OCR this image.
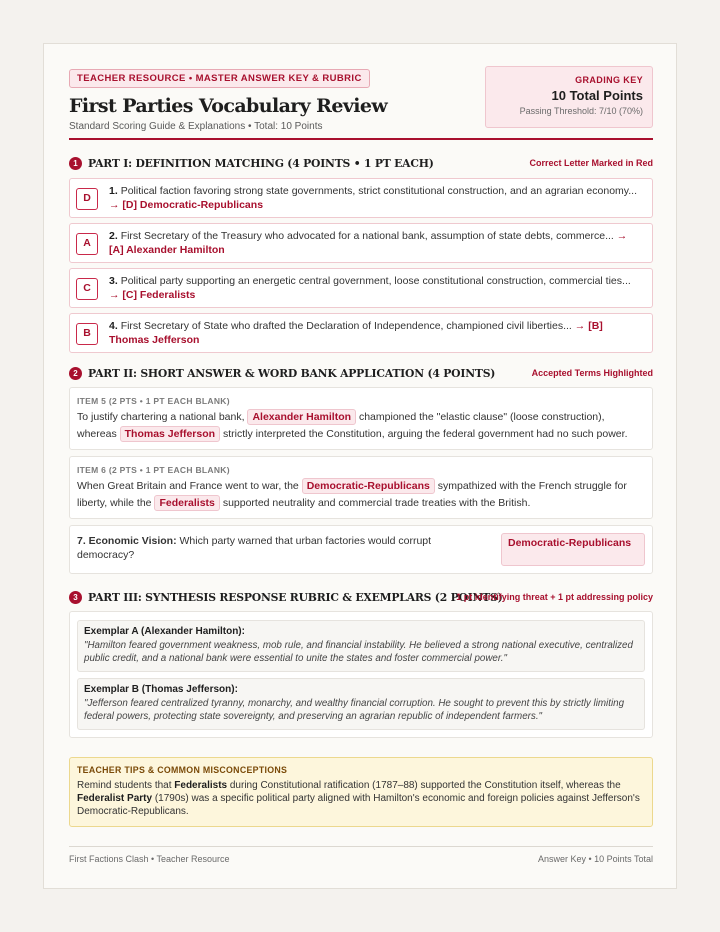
TEACHER RESOURCE • MASTER ANSWER KEY & RUBRIC
First Parties Vocabulary Review
Standard Scoring Guide & Explanations • Total: 10 Points
GRADING KEY
10 Total Points
Passing Threshold: 7/10 (70%)
1 PART I: DEFINITION MATCHING (4 POINTS • 1 PT EACH)	Correct Letter Marked in Red
D
1. Political faction favoring strong state governments, strict constitutional construction, and an agrarian economy... → [D] Democratic-Republicans
A
2. First Secretary of the Treasury who advocated for a national bank, assumption of state debts, commerce... → [A] Alexander Hamilton
C
3. Political party supporting an energetic central government, loose constitutional construction, commercial ties... → [C] Federalists
B
4. First Secretary of State who drafted the Declaration of Independence, championed civil liberties... → [B] Thomas Jefferson
2 PART II: SHORT ANSWER & WORD BANK APPLICATION (4 POINTS)	Accepted Terms Highlighted
ITEM 5 (2 PTS • 1 PT EACH BLANK)
To justify chartering a national bank, Alexander Hamilton championed the "elastic clause" (loose construction), whereas Thomas Jefferson strictly interpreted the Constitution, arguing the federal government had no such power.
ITEM 6 (2 PTS • 1 PT EACH BLANK)
When Great Britain and France went to war, the Democratic-Republicans sympathized with the French struggle for liberty, while the Federalists supported neutrality and commercial trade treaties with the British.
7. Economic Vision: Which party warned that urban factories would corrupt democracy?
Democratic-Republicans
3 PART III: SYNTHESIS RESPONSE RUBRIC & EXEMPLARS (2 POINTS)
1 pt identifying threat + 1 pt addressing policy
Exemplar A (Alexander Hamilton):
"Hamilton feared government weakness, mob rule, and financial instability. He believed a strong national executive, centralized public credit, and a national bank were essential to unite the states and foster commercial power."
Exemplar B (Thomas Jefferson):
"Jefferson feared centralized tyranny, monarchy, and wealthy financial corruption. He sought to prevent this by strictly limiting federal powers, protecting state sovereignty, and preserving an agrarian republic of independent farmers."
TEACHER TIPS & COMMON MISCONCEPTIONS
Remind students that Federalists during Constitutional ratification (1787–88) supported the Constitution itself, whereas the Federalist Party (1790s) was a specific political party aligned with Hamilton's economic and foreign policies against Jefferson's Democratic-Republicans.
First Factions Clash • Teacher Resource	Answer Key • 10 Points Total
